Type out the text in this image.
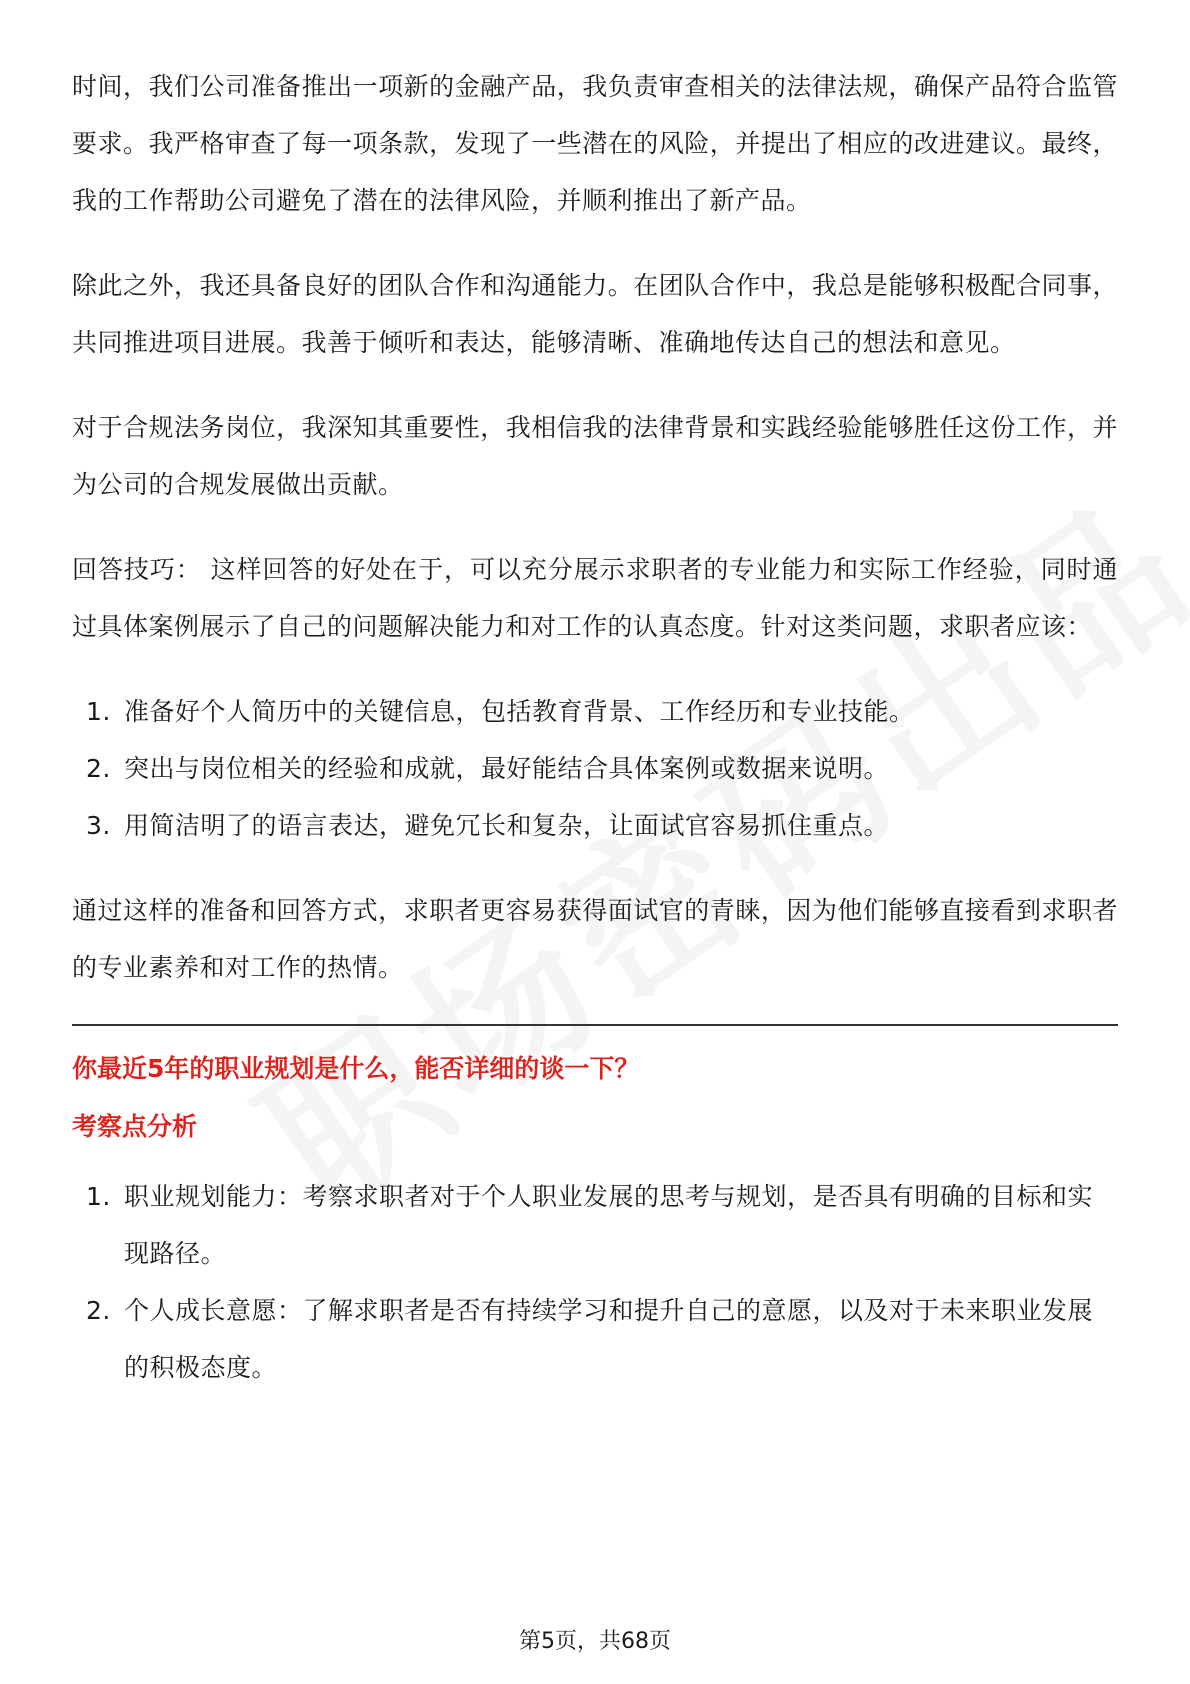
时间，我们公司准备推出一项新的金融产品，我负责审查相关的法律法规，确保产品符合监管要求。我严格审查了每一项条款，发现了一些潜在的风险，并提出了相应的改进建议。最终，我的工作帮助公司避免了潜在的法律风险，并顺利推出了新产品。

除此之外，我还具备良好的团队合作和沟通能力。在团队合作中，我总是能够积极配合同事，共同推进项目进展。我善于倾听和表达，能够清晰、准确地传达自己的想法和意见。

对于合规法务岗位，我深知其重要性，我相信我的法律背景和实践经验能够胜任这份工作，并为公司的合规发展做出贡献。

回答技巧： 这样回答的好处在于，可以充分展示求职者的专业能力和实际工作经验，同时通过具体案例展示了自己的问题解决能力和对工作的认真态度。针对这类问题，求职者应该：

1. 准备好个人简历中的关键信息，包括教育背景、工作经历和专业技能。
2. 突出与岗位相关的经验和成就，最好能结合具体案例或数据来说明。
3. 用简洁明了的语言表达，避免冗长和复杂，让面试官容易抓住重点。

通过这样的准备和回答方式，求职者更容易获得面试官的青睐，因为他们能够直接看到求职者的专业素养和对工作的热情。

你最近5年的职业规划是什么，能否详细的谈一下？
考察点分析
1. 职业规划能力：考察求职者对于个人职业发展的思考与规划，是否具有明确的目标和实现路径。
2. 个人成长意愿：了解求职者是否有持续学习和提升自己的意愿，以及对于未来职业发展的积极态度。
第5页，共68页
